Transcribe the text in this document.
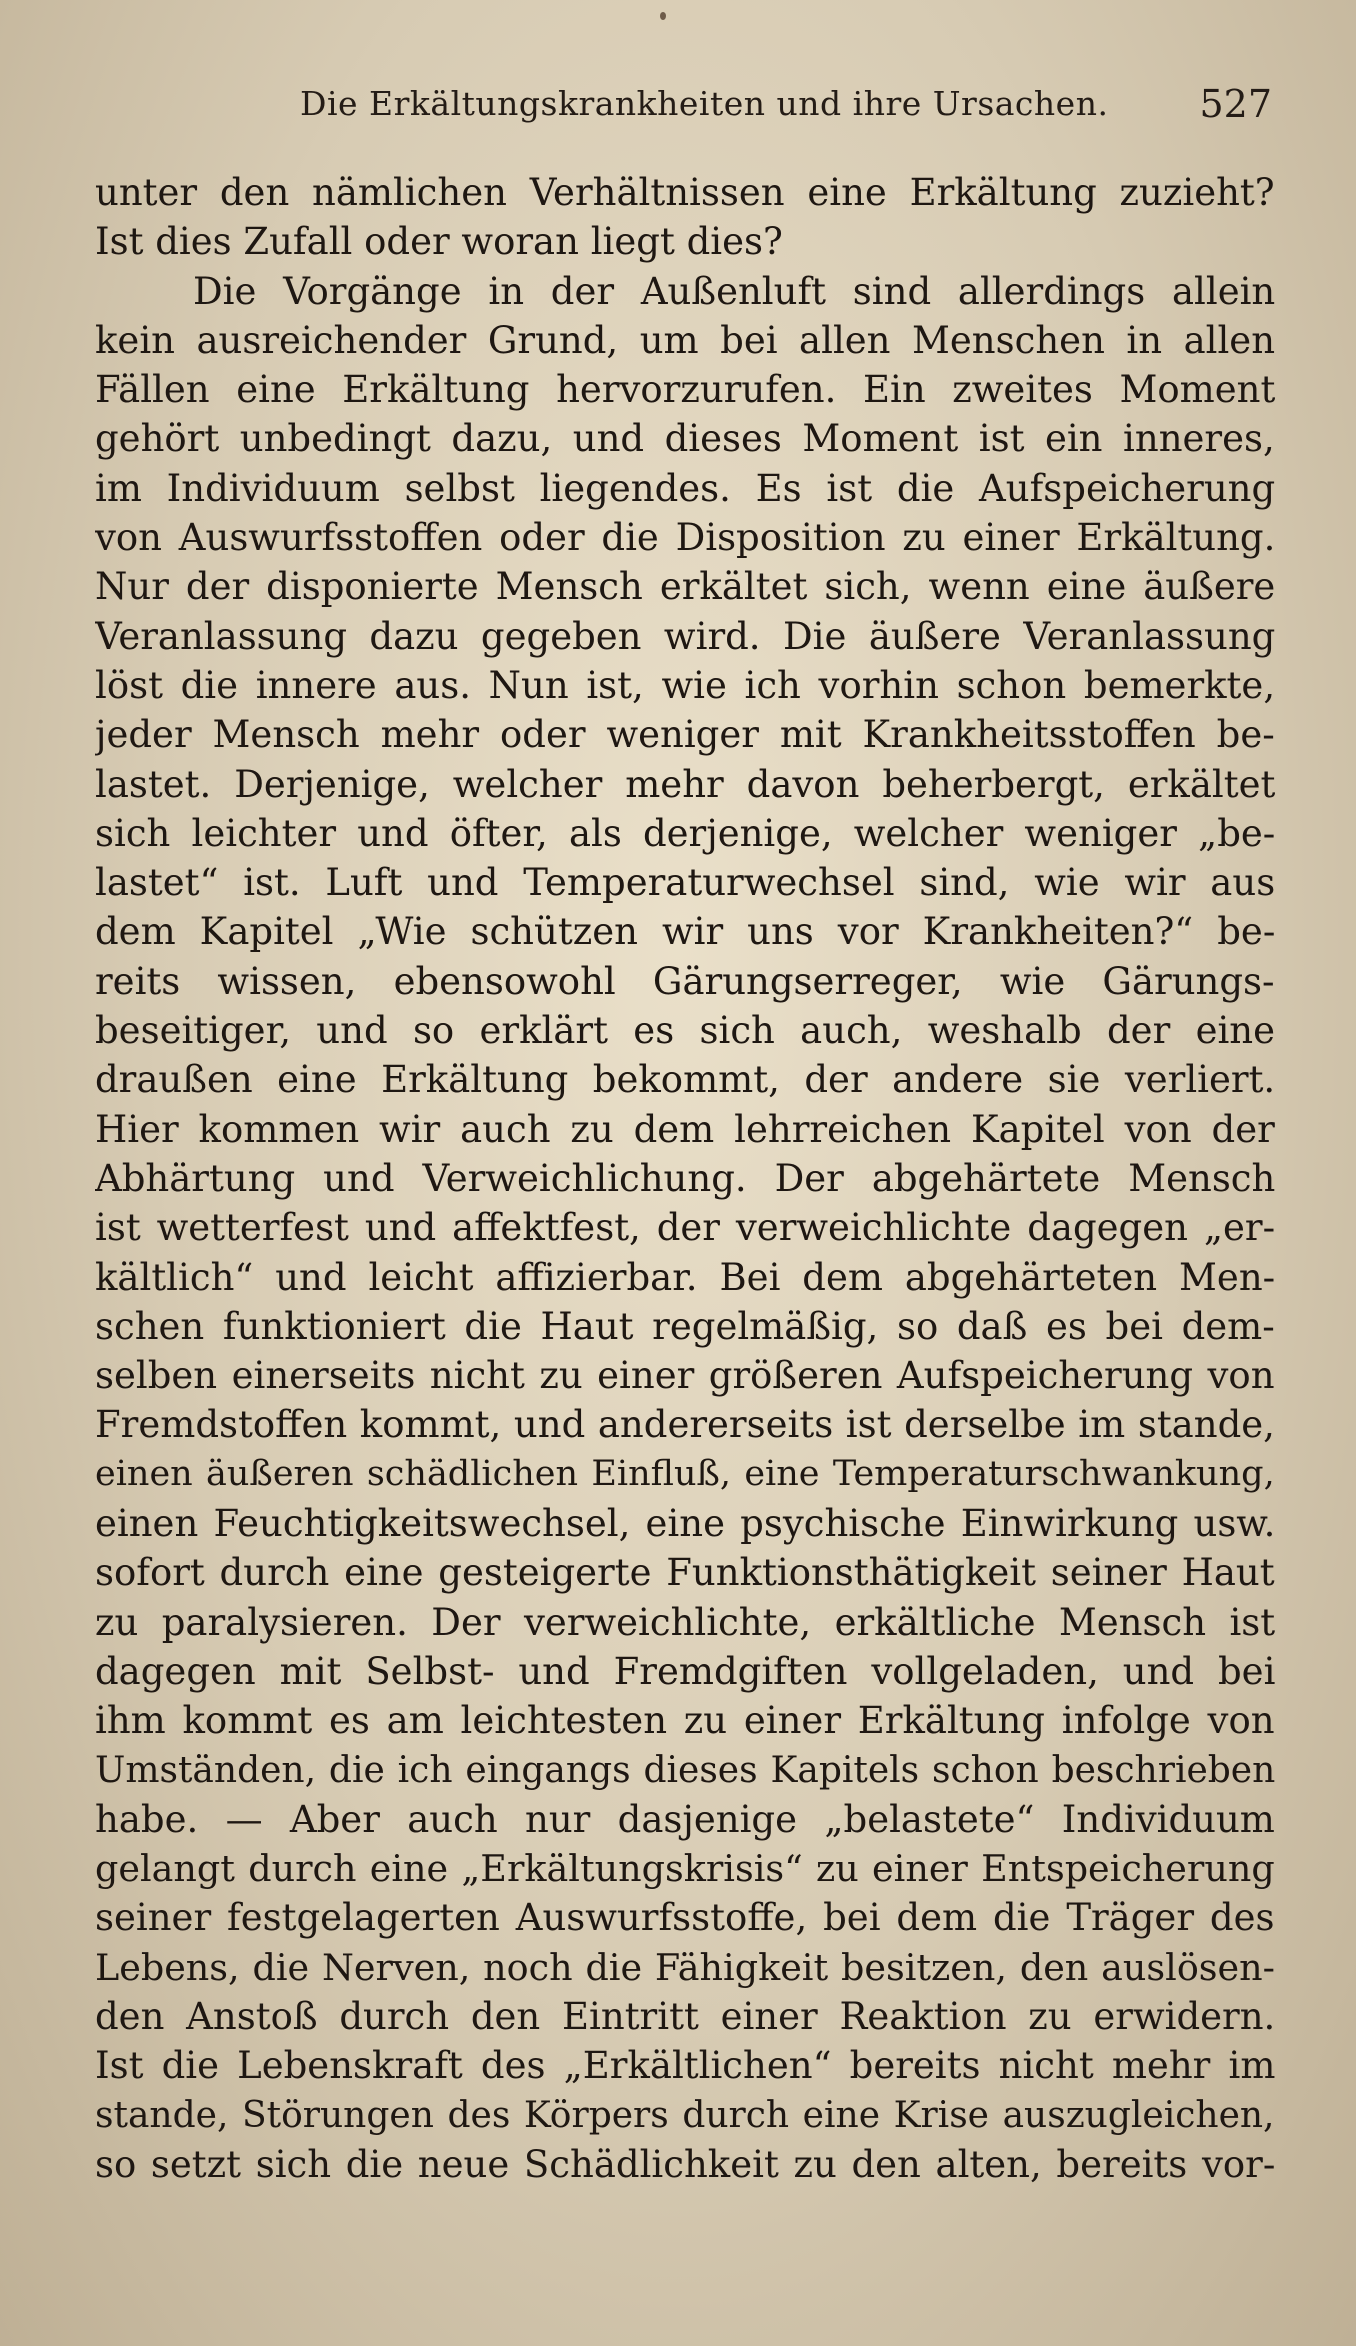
Die Erkältungskrankheiten und ihre Ursachen. 527
unter den nämlichen Verhältnissen eine Erkältung zuzieht?
Ist dies Zufall oder woran liegt dies?
Die Vorgänge in der Außenluft sind allerdings allein
kein ausreichender Grund, um bei allen Menschen in allen
Fällen eine Erkältung hervorzurufen. Ein zweites Moment
gehört unbedingt dazu, und dieses Moment ist ein inneres,
im Individuum selbst liegendes. Es ist die Aufspeicherung
von Auswurfsstoffen oder die Disposition zu einer Erkältung.
Nur der disponierte Mensch erkältet sich, wenn eine äußere
Veranlassung dazu gegeben wird. Die äußere Veranlassung
löst die innere aus. Nun ist, wie ich vorhin schon bemerkte,
jeder Mensch mehr oder weniger mit Krankheitsstoffen be-
lastet. Derjenige, welcher mehr davon beherbergt, erkältet
sich leichter und öfter, als derjenige, welcher weniger „be-
lastet“ ist. Luft und Temperaturwechsel sind, wie wir aus
dem Kapitel „Wie schützen wir uns vor Krankheiten?“ be-
reits wissen, ebensowohl Gärungserreger, wie Gärungs-
beseitiger, und so erklärt es sich auch, weshalb der eine
draußen eine Erkältung bekommt, der andere sie verliert.
Hier kommen wir auch zu dem lehrreichen Kapitel von der
Abhärtung und Verweichlichung. Der abgehärtete Mensch
ist wetterfest und affektfest, der verweichlichte dagegen „er-
kältlich“ und leicht affizierbar. Bei dem abgehärteten Men-
schen funktioniert die Haut regelmäßig, so daß es bei dem-
selben einerseits nicht zu einer größeren Aufspeicherung von
Fremdstoffen kommt, und andererseits ist derselbe im stande,
einen äußeren schädlichen Einfluß, eine Temperaturschwankung,
einen Feuchtigkeitswechsel, eine psychische Einwirkung usw.
sofort durch eine gesteigerte Funktionsthätigkeit seiner Haut
zu paralysieren. Der verweichlichte, erkältliche Mensch ist
dagegen mit Selbst- und Fremdgiften vollgeladen, und bei
ihm kommt es am leichtesten zu einer Erkältung infolge von
Umständen, die ich eingangs dieses Kapitels schon beschrieben
habe. — Aber auch nur dasjenige „belastete“ Individuum
gelangt durch eine „Erkältungskrisis“ zu einer Entspeicherung
seiner festgelagerten Auswurfsstoffe, bei dem die Träger des
Lebens, die Nerven, noch die Fähigkeit besitzen, den auslösen-
den Anstoß durch den Eintritt einer Reaktion zu erwidern.
Ist die Lebenskraft des „Erkältlichen“ bereits nicht mehr im
stande, Störungen des Körpers durch eine Krise auszugleichen,
so setzt sich die neue Schädlichkeit zu den alten, bereits vor-
